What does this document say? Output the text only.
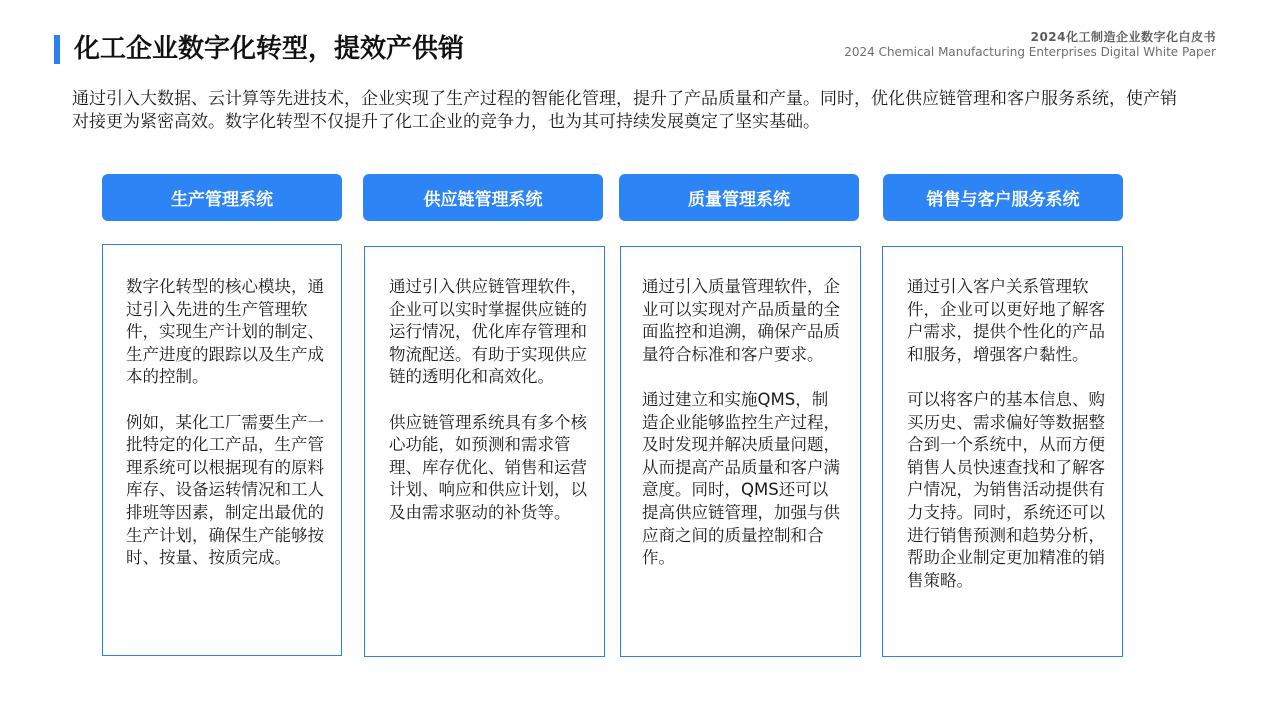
化工企业数字化转型，提效产供销	2024化工制造企业数字化白皮书
2024 Chemical Manufacturing Enterprises Digital White Paper
通过引入大数据、云计算等先进技术，企业实现了生产过程的智能化管理，提升了产品质量和产量。同时，优化供应链管理和客户服务系统，使产销对接更为紧密高效。数字化转型不仅提升了化工企业的竞争力，也为其可持续发展奠定了坚实基础。
生产管理系统	供应链管理系统	质量管理系统	销售与客户服务系统

数字化转型的核心模块，通过引入先进的生产管理软件，实现生产计划的制定、生产进度的跟踪以及生产成本的控制。

例如，某化工厂需要生产一批特定的化工产品，生产管理系统可以根据现有的原料库存、设备运转情况和工人排班等因素，制定出最优的生产计划，确保生产能够按时、按量、按质完成。

通过引入供应链管理软件，企业可以实时掌握供应链的运行情况，优化库存管理和物流配送。有助于实现供应链的透明化和高效化。

供应链管理系统具有多个核心功能，如预测和需求管理、库存优化、销售和运营计划、响应和供应计划，以及由需求驱动的补货等。

通过引入质量管理软件，企业可以实现对产品质量的全面监控和追溯，确保产品质量符合标准和客户要求。

通过建立和实施QMS，制造企业能够监控生产过程，及时发现并解决质量问题，从而提高产品质量和客户满意度。同时，QMS还可以提高供应链管理，加强与供应商之间的质量控制和合作。

通过引入客户关系管理软件，企业可以更好地了解客户需求，提供个性化的产品和服务，增强客户黏性。

可以将客户的基本信息、购买历史、需求偏好等数据整合到一个系统中，从而方便销售人员快速查找和了解客户情况，为销售活动提供有力支持。同时，系统还可以进行销售预测和趋势分析，帮助企业制定更加精准的销售策略。
